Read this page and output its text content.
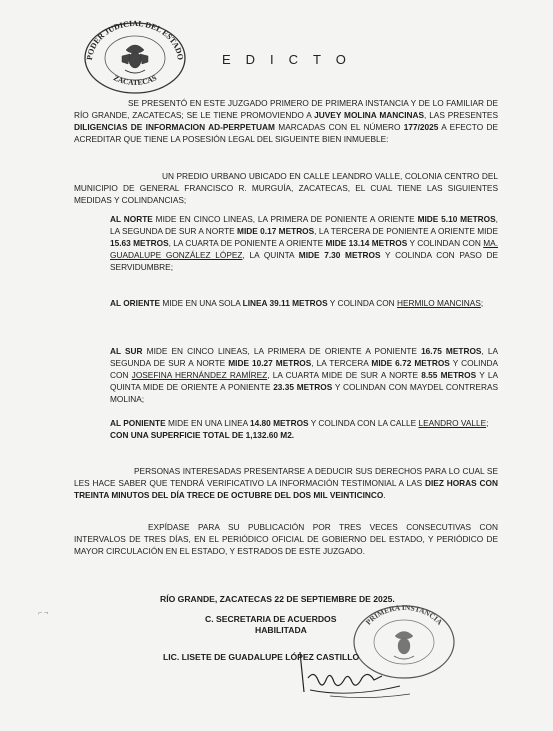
PODER JUDICIAL DEL ESTADO
ZACATECAS
EDICTO
SE PRESENTÓ EN ESTE JUZGADO PRIMERO DE PRIMERA INSTANCIA Y DE LO FAMILIAR DE RÍO GRANDE, ZACATECAS; SE LE TIENE PROMOVIENDO A JUVEY MOLINA MANCINAS, LAS PRESENTES DILIGENCIAS DE INFORMACION AD-PERPETUAM MARCADAS CON EL NÚMERO 177/2025 A EFECTO DE ACREDITAR QUE TIENE LA POSESIÓN LEGAL DEL SIGUEINTE BIEN INMUEBLE:
UN PREDIO URBANO UBICADO EN CALLE LEANDRO VALLE, COLONIA CENTRO DEL MUNICIPIO DE GENERAL FRANCISCO R. MURGUÍA, ZACATECAS, EL CUAL TIENE LAS SIGUIENTES MEDIDAS Y COLINDANCIAS;
AL NORTE MIDE EN CINCO LINEAS, LA PRIMERA DE PONIENTE A ORIENTE MIDE 5.10 METROS, LA SEGUNDA DE SUR A NORTE MIDE 0.17 METROS, LA TERCERA DE PONIENTE A ORIENTE MIDE 15.63 METROS, LA CUARTA DE PONIENTE A ORIENTE MIDE 13.14 METROS Y COLINDAN CON MA. GUADALUPE GONZÁLEZ LÓPEZ, LA QUINTA MIDE 7.30 METROS Y COLINDA CON PASO DE SERVIDUMBRE;
AL ORIENTE MIDE EN UNA SOLA LINEA 39.11 METROS Y COLINDA CON HERMILO MANCINAS;
AL SUR MIDE EN CINCO LINEAS, LA PRIMERA DE ORIENTE A PONIENTE 16.75 METROS, LA SEGUNDA DE SUR A NORTE MIDE 10.27 METROS, LA TERCERA MIDE 6.72 METROS Y COLINDA CON JOSEFINA HERNÁNDEZ RAMÍREZ, LA CUARTA MIDE DE SUR A NORTE 8.55 METROS Y LA QUINTA MIDE DE ORIENTE A PONIENTE 23.35 METROS Y COLINDAN CON MAYDEL CONTRERAS MOLINA;
AL PONIENTE MIDE EN UNA LINEA 14.80 METROS Y COLINDA CON LA CALLE LEANDRO VALLE;
CON UNA SUPERFICIE TOTAL DE 1,132.60 M2.
PERSONAS INTERESADAS PRESENTARSE A DEDUCIR SUS DERECHOS PARA LO CUAL SE LES HACE SABER QUE TENDRÁ VERIFICATIVO LA INFORMACIÓN TESTIMONIAL A LAS DIEZ HORAS CON TREINTA MINUTOS DEL DÍA TRECE DE OCTUBRE DEL DOS MIL VEINTICINCO.
EXPÍDASE PARA SU PUBLICACIÓN POR TRES VECES CONSECUTIVAS CON INTERVALOS DE TRES DÍAS, EN EL PERIÓDICO OFICIAL DE GOBIERNO DEL ESTADO, Y PERIÓDICO DE MAYOR CIRCULACIÓN EN EL ESTADO, Y ESTRADOS DE ESTE JUZGADO.
RÍO GRANDE, ZACATECAS 22 DE SEPTIEMBRE DE 2025.
C. SECRETARIA DE ACUERDOS
HABILITADA
PRIMERA INSTANCIA
LIC. LISETE DE GUADALUPE LÓPEZ CASTILLO
⌐ ¬
